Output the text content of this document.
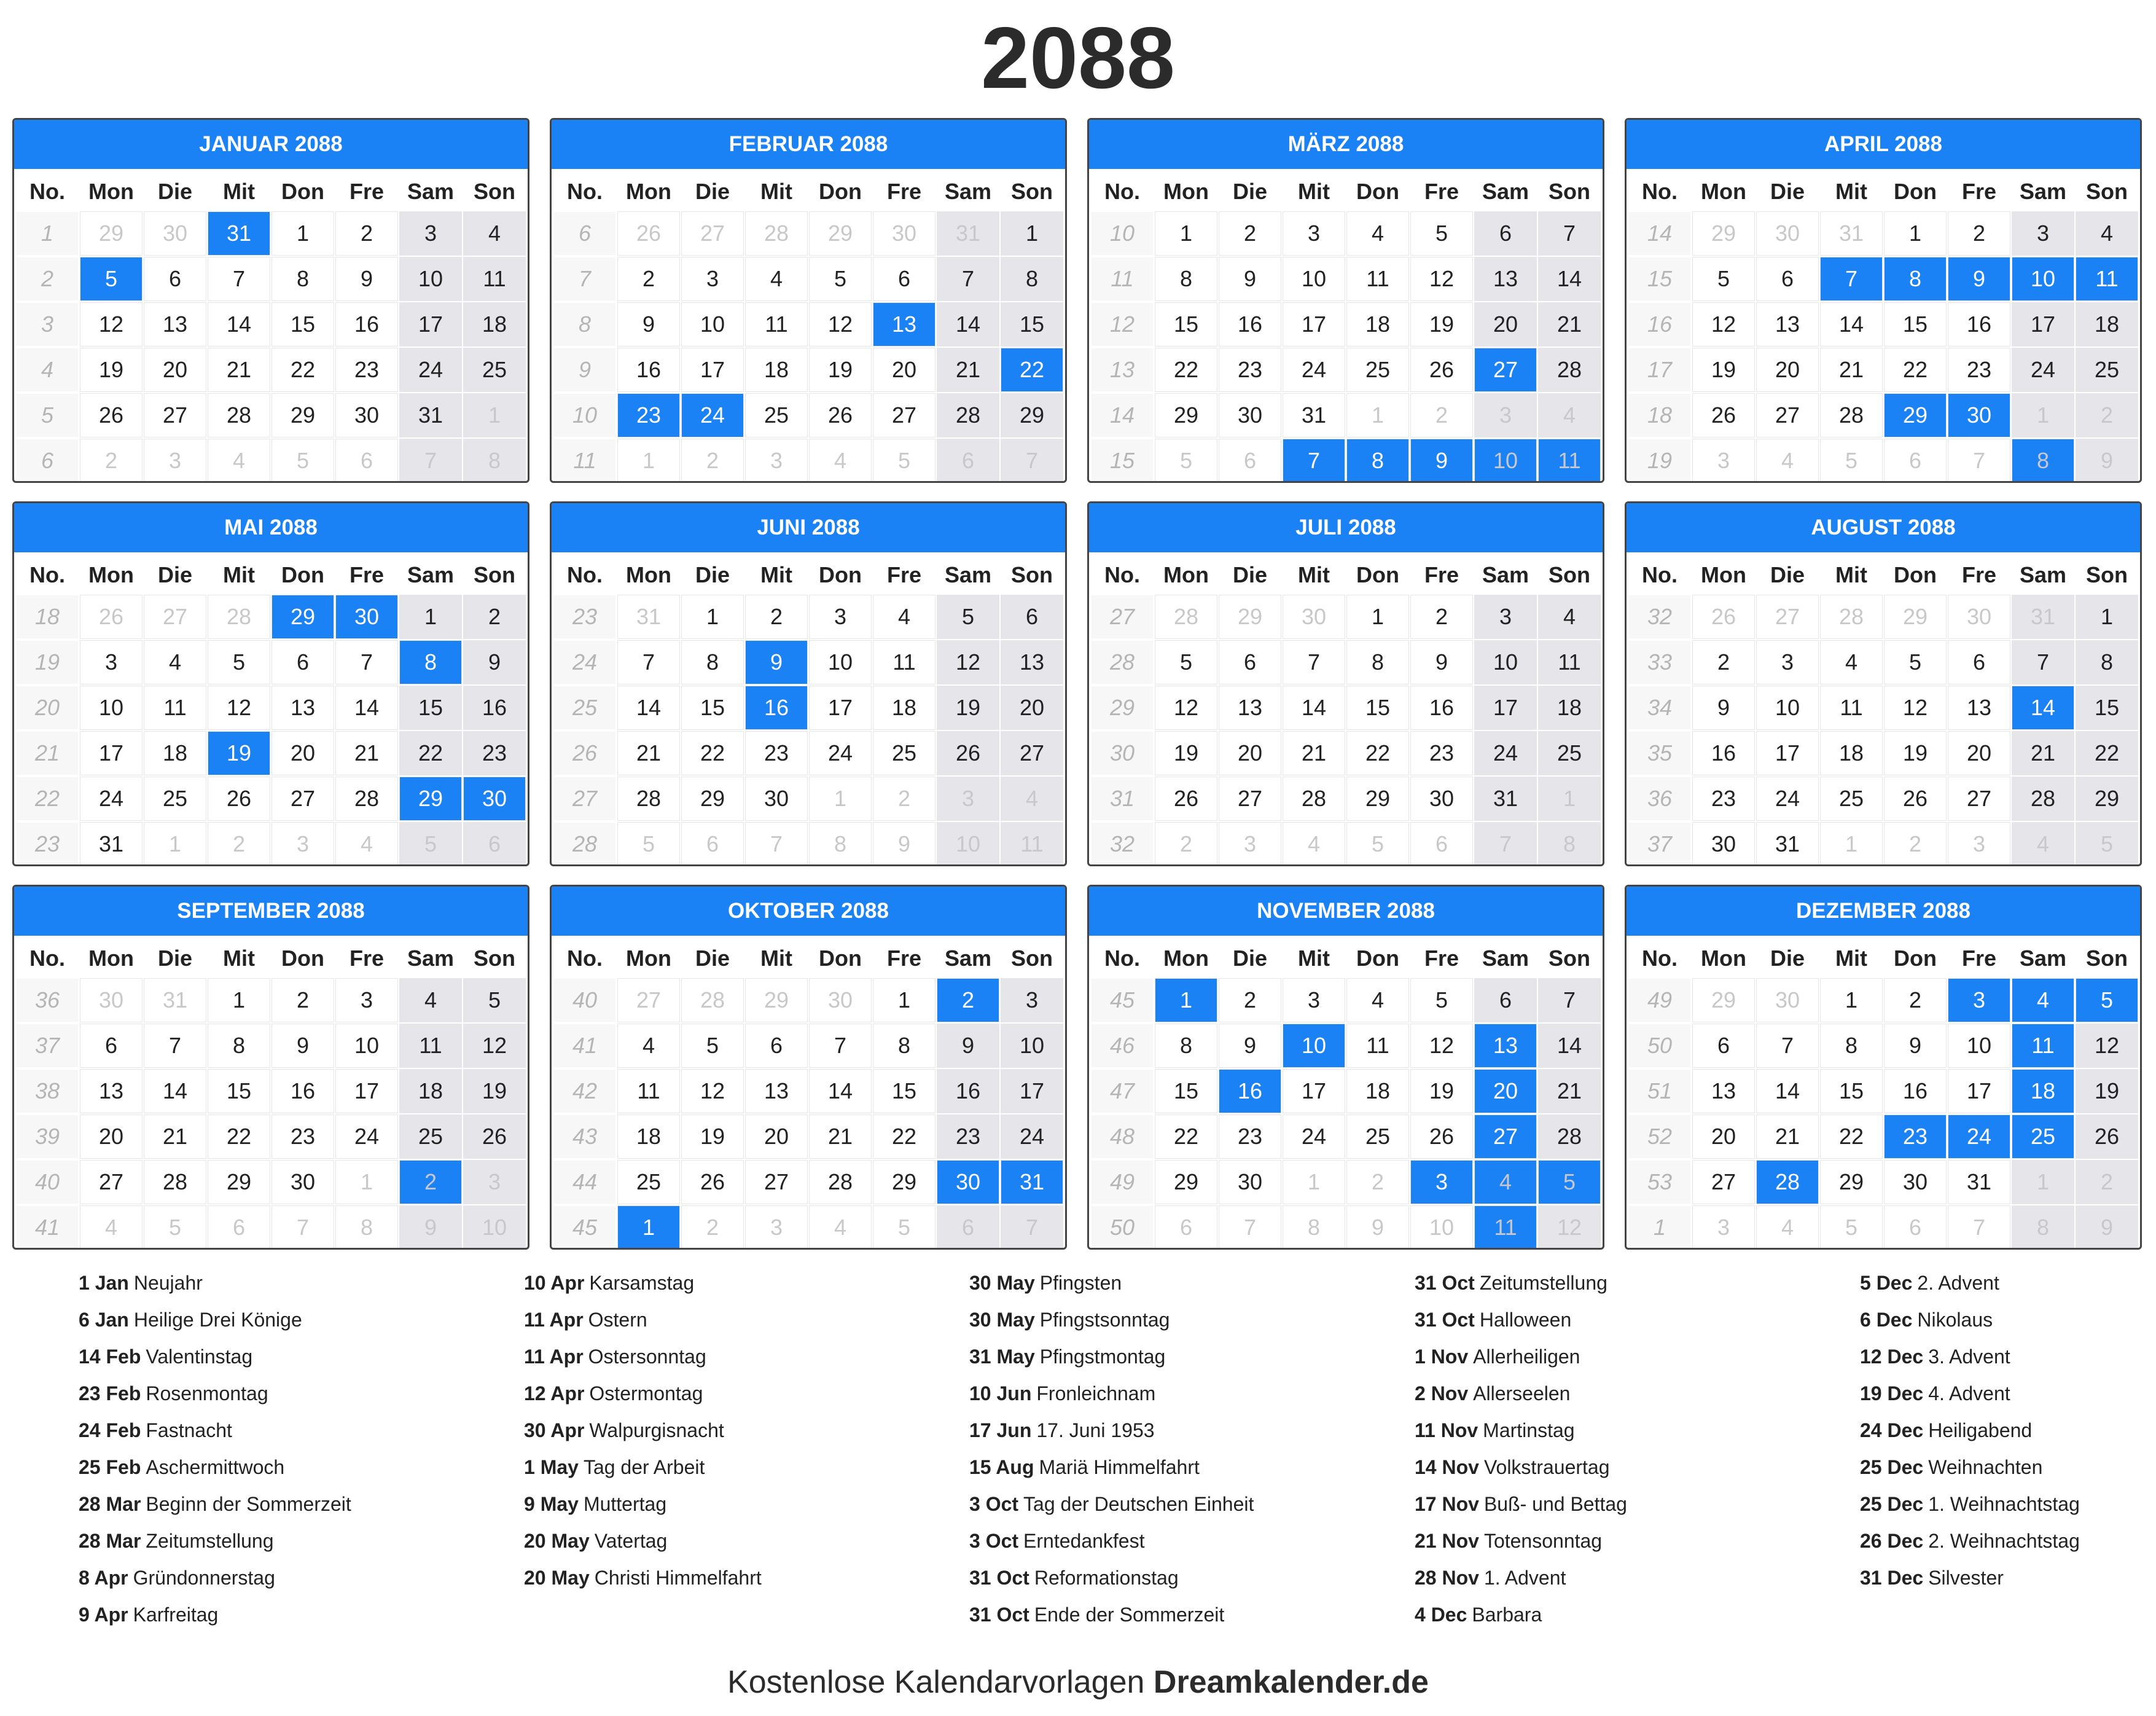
2088
JANUAR 2088
No.	Mon	Die	Mit	Don	Fre	Sam	Son
1	29	30	31	1	2	3	4
2	5	6	7	8	9	10	11
3	12	13	14	15	16	17	18
4	19	20	21	22	23	24	25
5	26	27	28	29	30	31	1
6	2	3	4	5	6	7	8
FEBRUAR 2088
No.	Mon	Die	Mit	Don	Fre	Sam	Son
6	26	27	28	29	30	31	1
7	2	3	4	5	6	7	8
8	9	10	11	12	13	14	15
9	16	17	18	19	20	21	22
10	23	24	25	26	27	28	29
11	1	2	3	4	5	6	7
MÄRZ 2088
No.	Mon	Die	Mit	Don	Fre	Sam	Son
10	1	2	3	4	5	6	7
11	8	9	10	11	12	13	14
12	15	16	17	18	19	20	21
13	22	23	24	25	26	27	28
14	29	30	31	1	2	3	4
15	5	6	7	8	9	10	11
APRIL 2088
No.	Mon	Die	Mit	Don	Fre	Sam	Son
14	29	30	31	1	2	3	4
15	5	6	7	8	9	10	11
16	12	13	14	15	16	17	18
17	19	20	21	22	23	24	25
18	26	27	28	29	30	1	2
19	3	4	5	6	7	8	9
MAI 2088
No.	Mon	Die	Mit	Don	Fre	Sam	Son
18	26	27	28	29	30	1	2
19	3	4	5	6	7	8	9
20	10	11	12	13	14	15	16
21	17	18	19	20	21	22	23
22	24	25	26	27	28	29	30
23	31	1	2	3	4	5	6
JUNI 2088
No.	Mon	Die	Mit	Don	Fre	Sam	Son
23	31	1	2	3	4	5	6
24	7	8	9	10	11	12	13
25	14	15	16	17	18	19	20
26	21	22	23	24	25	26	27
27	28	29	30	1	2	3	4
28	5	6	7	8	9	10	11
JULI 2088
No.	Mon	Die	Mit	Don	Fre	Sam	Son
27	28	29	30	1	2	3	4
28	5	6	7	8	9	10	11
29	12	13	14	15	16	17	18
30	19	20	21	22	23	24	25
31	26	27	28	29	30	31	1
32	2	3	4	5	6	7	8
AUGUST 2088
No.	Mon	Die	Mit	Don	Fre	Sam	Son
32	26	27	28	29	30	31	1
33	2	3	4	5	6	7	8
34	9	10	11	12	13	14	15
35	16	17	18	19	20	21	22
36	23	24	25	26	27	28	29
37	30	31	1	2	3	4	5
SEPTEMBER 2088
No.	Mon	Die	Mit	Don	Fre	Sam	Son
36	30	31	1	2	3	4	5
37	6	7	8	9	10	11	12
38	13	14	15	16	17	18	19
39	20	21	22	23	24	25	26
40	27	28	29	30	1	2	3
41	4	5	6	7	8	9	10
OKTOBER 2088
No.	Mon	Die	Mit	Don	Fre	Sam	Son
40	27	28	29	30	1	2	3
41	4	5	6	7	8	9	10
42	11	12	13	14	15	16	17
43	18	19	20	21	22	23	24
44	25	26	27	28	29	30	31
45	1	2	3	4	5	6	7
NOVEMBER 2088
No.	Mon	Die	Mit	Don	Fre	Sam	Son
45	1	2	3	4	5	6	7
46	8	9	10	11	12	13	14
47	15	16	17	18	19	20	21
48	22	23	24	25	26	27	28
49	29	30	1	2	3	4	5
50	6	7	8	9	10	11	12
DEZEMBER 2088
No.	Mon	Die	Mit	Don	Fre	Sam	Son
49	29	30	1	2	3	4	5
50	6	7	8	9	10	11	12
51	13	14	15	16	17	18	19
52	20	21	22	23	24	25	26
53	27	28	29	30	31	1	2
1	3	4	5	6	7	8	9
1 Jan Neujahr
6 Jan Heilige Drei Könige
14 Feb Valentinstag
23 Feb Rosenmontag
24 Feb Fastnacht
25 Feb Aschermittwoch
28 Mar Beginn der Sommerzeit
28 Mar Zeitumstellung
8 Apr Gründonnerstag
9 Apr Karfreitag
10 Apr Karsamstag
11 Apr Ostern
11 Apr Ostersonntag
12 Apr Ostermontag
30 Apr Walpurgisnacht
1 May Tag der Arbeit
9 May Muttertag
20 May Vatertag
20 May Christi Himmelfahrt
30 May Pfingsten
30 May Pfingstsonntag
31 May Pfingstmontag
10 Jun Fronleichnam
17 Jun 17. Juni 1953
15 Aug Mariä Himmelfahrt
3 Oct Tag der Deutschen Einheit
3 Oct Erntedankfest
31 Oct Reformationstag
31 Oct Ende der Sommerzeit
31 Oct Zeitumstellung
31 Oct Halloween
1 Nov Allerheiligen
2 Nov Allerseelen
11 Nov Martinstag
14 Nov Volkstrauertag
17 Nov Buß- und Bettag
21 Nov Totensonntag
28 Nov 1. Advent
4 Dec Barbara
5 Dec 2. Advent
6 Dec Nikolaus
12 Dec 3. Advent
19 Dec 4. Advent
24 Dec Heiligabend
25 Dec Weihnachten
25 Dec 1. Weihnachtstag
26 Dec 2. Weihnachtstag
31 Dec Silvester
Kostenlose Kalendarvorlagen Dreamkalender.de
